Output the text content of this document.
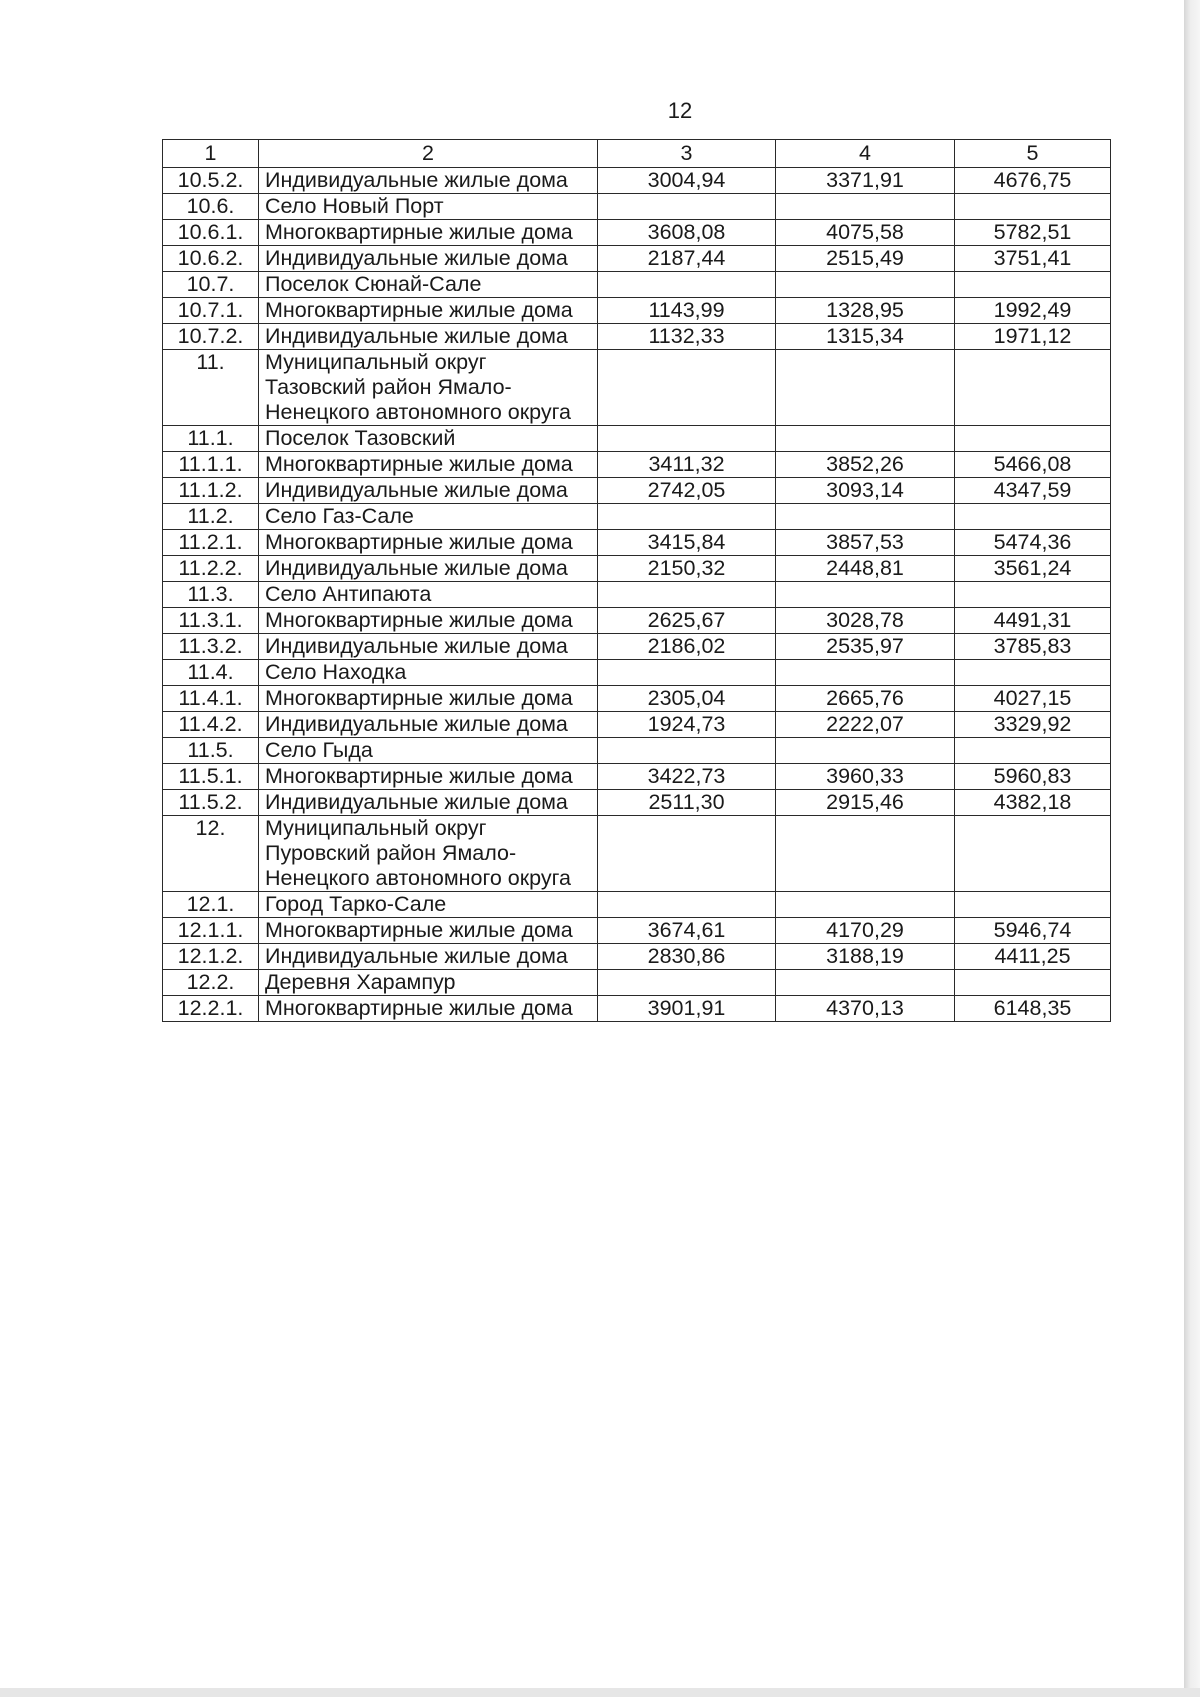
12
1	2	3	4	5
10.5.2.	Индивидуальные жилые дома	3004,94	3371,91	4676,75
10.6.	Село Новый Порт			
10.6.1.	Многоквартирные жилые дома	3608,08	4075,58	5782,51
10.6.2.	Индивидуальные жилые дома	2187,44	2515,49	3751,41
10.7.	Поселок Сюнай-Сале			
10.7.1.	Многоквартирные жилые дома	1143,99	1328,95	1992,49
10.7.2.	Индивидуальные жилые дома	1132,33	1315,34	1971,12
11.	Муниципальный округ Тазовский район Ямало-Ненецкого автономного округа			
11.1.	Поселок Тазовский			
11.1.1.	Многоквартирные жилые дома	3411,32	3852,26	5466,08
11.1.2.	Индивидуальные жилые дома	2742,05	3093,14	4347,59
11.2.	Село Газ-Сале			
11.2.1.	Многоквартирные жилые дома	3415,84	3857,53	5474,36
11.2.2.	Индивидуальные жилые дома	2150,32	2448,81	3561,24
11.3.	Село Антипаюта			
11.3.1.	Многоквартирные жилые дома	2625,67	3028,78	4491,31
11.3.2.	Индивидуальные жилые дома	2186,02	2535,97	3785,83
11.4.	Село Находка			
11.4.1.	Многоквартирные жилые дома	2305,04	2665,76	4027,15
11.4.2.	Индивидуальные жилые дома	1924,73	2222,07	3329,92
11.5.	Село Гыда			
11.5.1.	Многоквартирные жилые дома	3422,73	3960,33	5960,83
11.5.2.	Индивидуальные жилые дома	2511,30	2915,46	4382,18
12.	Муниципальный округ Пуровский район Ямало-Ненецкого автономного округа			
12.1.	Город Тарко-Сале			
12.1.1.	Многоквартирные жилые дома	3674,61	4170,29	5946,74
12.1.2.	Индивидуальные жилые дома	2830,86	3188,19	4411,25
12.2.	Деревня Харампур			
12.2.1.	Многоквартирные жилые дома	3901,91	4370,13	6148,35
